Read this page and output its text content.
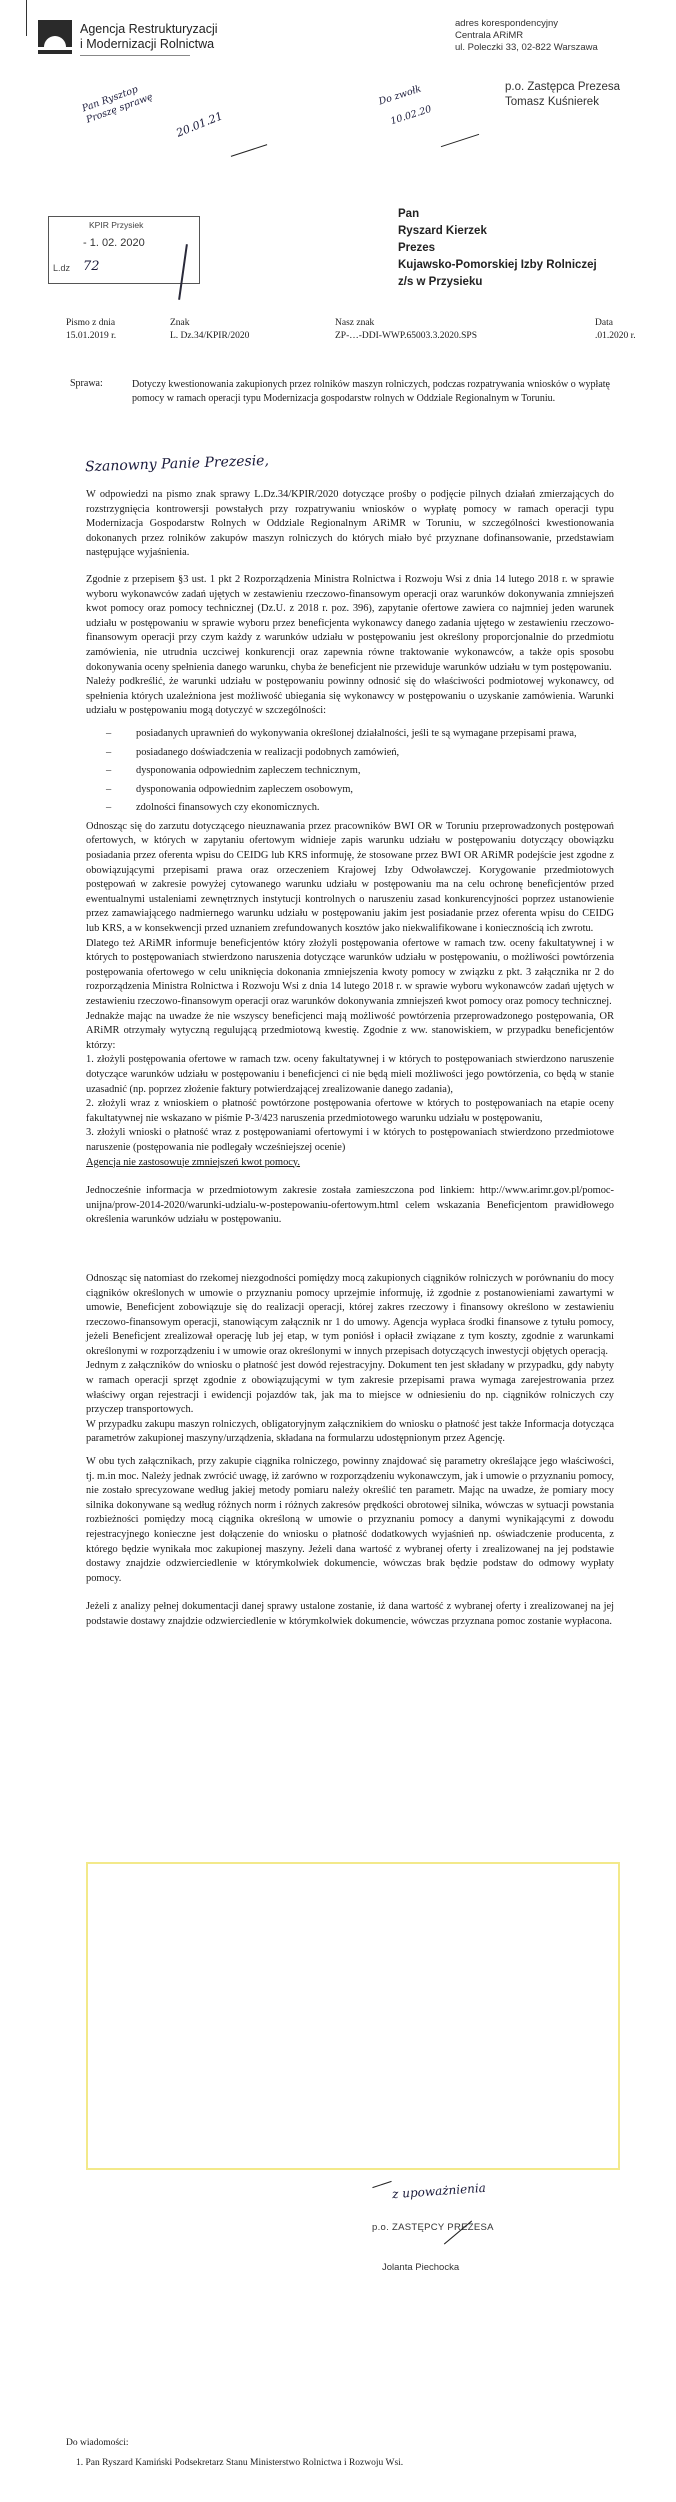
Agencja Restrukturyzacji
i Modernizacji Rolnictwa
adres korespondencyjny
Centrala ARiMR
ul. Poleczki 33, 02-822 Warszawa
p.o. Zastępca Prezesa
Tomasz Kuśnierek
Pan Rysztop Proszę sprawę	20.01.21
Do zwołk
10.02.20
KPIR Przysiek
- 1. 02. 2020
L.dz 72
Pan
Ryszard Kierzek
Prezes
Kujawsko-Pomorskiej Izby Rolniczej
z/s w Przysieku
Pismo z dnia
15.01.2019 r.
Znak
L. Dz.34/KPIR/2020
Nasz znak
ZP-…-DDI-WWP.65003.3.2020.SPS
Data
.01.2020 r.
Sprawa:	Dotyczy kwestionowania zakupionych przez rolników maszyn rolniczych, podczas rozpatrywania wniosków o wypłatę pomocy w ramach operacji typu Modernizacja gospodarstw rolnych w Oddziale Regionalnym w Toruniu.
Szanowny Panie Prezesie,

W odpowiedzi na pismo znak sprawy L.Dz.34/KPIR/2020 dotyczące prośby o podjęcie pilnych działań zmierzających do rozstrzygnięcia kontrowersji powstałych przy rozpatrywaniu wniosków o wypłatę pomocy w ramach operacji typu Modernizacja Gospodarstw Rolnych w Oddziale Regionalnym ARiMR w Toruniu, w szczególności kwestionowania dokonanych przez rolników zakupów maszyn rolniczych do których miało być przyznane dofinansowanie, przedstawiam następujące wyjaśnienia.

Zgodnie z przepisem §3 ust. 1 pkt 2 Rozporządzenia Ministra Rolnictwa i Rozwoju Wsi z dnia 14 lutego 2018 r. w sprawie wyboru wykonawców zadań ujętych w zestawieniu rzeczowo-finansowym operacji oraz warunków dokonywania zmniejszeń kwot pomocy oraz pomocy technicznej (Dz.U. z 2018 r. poz. 396), zapytanie ofertowe zawiera co najmniej jeden warunek udziału w postępowaniu w sprawie wyboru przez beneficjenta wykonawcy danego zadania ujętego w zestawieniu rzeczowo-finansowym operacji przy czym każdy z warunków udziału w postępowaniu jest określony proporcjonalnie do przedmiotu zamówienia, nie utrudnia uczciwej konkurencji oraz zapewnia równe traktowanie wykonawców, a także opis sposobu dokonywania oceny spełnienia danego warunku, chyba że beneficjent nie przewiduje warunków udziału w tym postępowaniu.

Należy podkreślić, że warunki udziału w postępowaniu powinny odnosić się do właściwości podmiotowej wykonawcy, od spełnienia których uzależniona jest możliwość ubiegania się wykonawcy w postępowaniu o uzyskanie zamówienia. Warunki udziału w postępowaniu mogą dotyczyć w szczególności:

– posiadanych uprawnień do wykonywania określonej działalności, jeśli te są wymagane przepisami prawa,
– posiadanego doświadczenia w realizacji podobnych zamówień,
– dysponowania odpowiednim zapleczem technicznym,
– dysponowania odpowiednim zapleczem osobowym,
– zdolności finansowych czy ekonomicznych.

Odnosząc się do zarzutu dotyczącego nieuznawania przez pracowników BWI OR w Toruniu przeprowadzonych postępowań ofertowych, w których w zapytaniu ofertowym widnieje zapis warunku udziału w postępowaniu dotyczący obowiązku posiadania przez oferenta wpisu do CEIDG lub KRS informuję, że stosowane przez BWI OR ARiMR podejście jest zgodne z obowiązującymi przepisami prawa oraz orzeczeniem Krajowej Izby Odwoławczej. Korygowanie przedmiotowych postępowań w zakresie powyżej cytowanego warunku udziału w postępowaniu ma na celu ochronę beneficjentów przed ewentualnymi ustaleniami zewnętrznych instytucji kontrolnych o naruszeniu zasad konkurencyjności poprzez ustanowienie przez zamawiającego nadmiernego warunku udziału w postępowaniu jakim jest posiadanie przez oferenta wpisu do CEIDG lub KRS, a w konsekwencji przed uznaniem zrefundowanych kosztów jako niekwalifikowane i koniecznością ich zwrotu.

Dlatego też ARiMR informuje beneficjentów który złożyli postępowania ofertowe w ramach tzw. oceny fakultatywnej i w których to postępowaniach stwierdzono naruszenia dotyczące warunków udziału w postępowaniu, o możliwości powtórzenia postępowania ofertowego w celu uniknięcia dokonania zmniejszenia kwoty pomocy w związku z pkt. 3 załącznika nr 2 do rozporządzenia Ministra Rolnictwa i Rozwoju Wsi z dnia 14 lutego 2018 r. w sprawie wyboru wykonawców zadań ujętych w zestawieniu rzeczowo-finansowym operacji oraz warunków dokonywania zmniejszeń kwot pomocy oraz pomocy technicznej.

Jednakże mając na uwadze że nie wszyscy beneficjenci mają możliwość powtórzenia przeprowadzonego postępowania, OR ARiMR otrzymały wytyczną regulującą przedmiotową kwestię. Zgodnie z ww. stanowiskiem, w przypadku beneficjentów którzy:

1. złożyli postępowania ofertowe w ramach tzw. oceny fakultatywnej i w których to postępowaniach stwierdzono naruszenie dotyczące warunków udziału w postępowaniu i beneficjenci ci nie będą mieli możliwości jego powtórzenia, co będą w stanie uzasadnić (np. poprzez złożenie faktury potwierdzającej zrealizowanie danego zadania),

2. złożyli wraz z wnioskiem o płatność powtórzone postępowania ofertowe w których to postępowaniach na etapie oceny fakultatywnej nie wskazano w piśmie P-3/423 naruszenia przedmiotowego warunku udziału w postępowaniu,

3. złożyli wnioski o płatność wraz z postępowaniami ofertowymi i w których to postępowaniach stwierdzono przedmiotowe naruszenie (postępowania nie podlegały wcześniejszej ocenie)

Agencja nie zastosowuje zmniejszeń kwot pomocy.

Jednocześnie informacja w przedmiotowym zakresie została zamieszczona pod linkiem: http://www.arimr.gov.pl/pomoc-unijna/prow-2014-2020/warunki-udzialu-w-postepowaniu-ofertowym.html celem wskazania Beneficjentom prawidłowego określenia warunków udziału w postępowaniu.

Odnosząc się natomiast do rzekomej niezgodności pomiędzy mocą zakupionych ciągników rolniczych w porównaniu do mocy ciągników określonych w umowie o przyznaniu pomocy uprzejmie informuję, iż zgodnie z postanowieniami zawartymi w umowie, Beneficjent zobowiązuje się do realizacji operacji, której zakres rzeczowy i finansowy określono w zestawieniu rzeczowo-finansowym operacji, stanowiącym załącznik nr 1 do umowy. Agencja wypłaca środki finansowe z tytułu pomocy, jeżeli Beneficjent zrealizował operację lub jej etap, w tym poniósł i opłacił związane z tym koszty, zgodnie z warunkami określonymi w rozporządzeniu i w umowie oraz określonymi w innych przepisach dotyczących inwestycji objętych operacją.

Jednym z załączników do wniosku o płatność jest dowód rejestracyjny. Dokument ten jest składany w przypadku, gdy nabyty w ramach operacji sprzęt zgodnie z obowiązującymi w tym zakresie przepisami prawa wymaga zarejestrowania przez właściwy organ rejestracji i ewidencji pojazdów tak, jak ma to miejsce w odniesieniu do np. ciągników rolniczych czy przyczep transportowych.

W przypadku zakupu maszyn rolniczych, obligatoryjnym załącznikiem do wniosku o płatność jest także Informacja dotycząca parametrów zakupionej maszyny/urządzenia, składana na formularzu udostępnionym przez Agencję.

W obu tych załącznikach, przy zakupie ciągnika rolniczego, powinny znajdować się parametry określające jego właściwości, tj. m.in moc. Należy jednak zwrócić uwagę, iż zarówno w rozporządzeniu wykonawczym, jak i umowie o przyznaniu pomocy, nie zostało sprecyzowane według jakiej metody pomiaru należy określić ten parametr. Mając na uwadze, że pomiary mocy silnika dokonywane są według różnych norm i różnych zakresów prędkości obrotowej silnika, wówczas w sytuacji powstania rozbieżności pomiędzy mocą ciągnika określoną w umowie o przyznaniu pomocy a danymi wynikającymi z dowodu rejestracyjnego konieczne jest dołączenie do wniosku o płatność dodatkowych wyjaśnień np. oświadczenie producenta, z którego będzie wynikała moc zakupionej maszyny. Jeżeli dana wartość z wybranej oferty i zrealizowanej na jej podstawie dostawy znajdzie odzwierciedlenie w którymkolwiek dokumencie, wówczas brak będzie podstaw do odmowy wypłaty pomocy.

Jeżeli z analizy pełnej dokumentacji danej sprawy ustalone zostanie, iż dana wartość z wybranej oferty i zrealizowanej na jej podstawie dostawy znajdzie odzwierciedlenie w którymkolwiek dokumencie, wówczas przyznana pomoc zostanie wypłacona.

z upoważnienia
p.o. ZASTĘPCY PREZESA
Jolanta Piechocka
Do wiadomości:
1. Pan Ryszard Kamiński Podsekretarz Stanu Ministerstwo Rolnictwa i Rozwoju Wsi.
